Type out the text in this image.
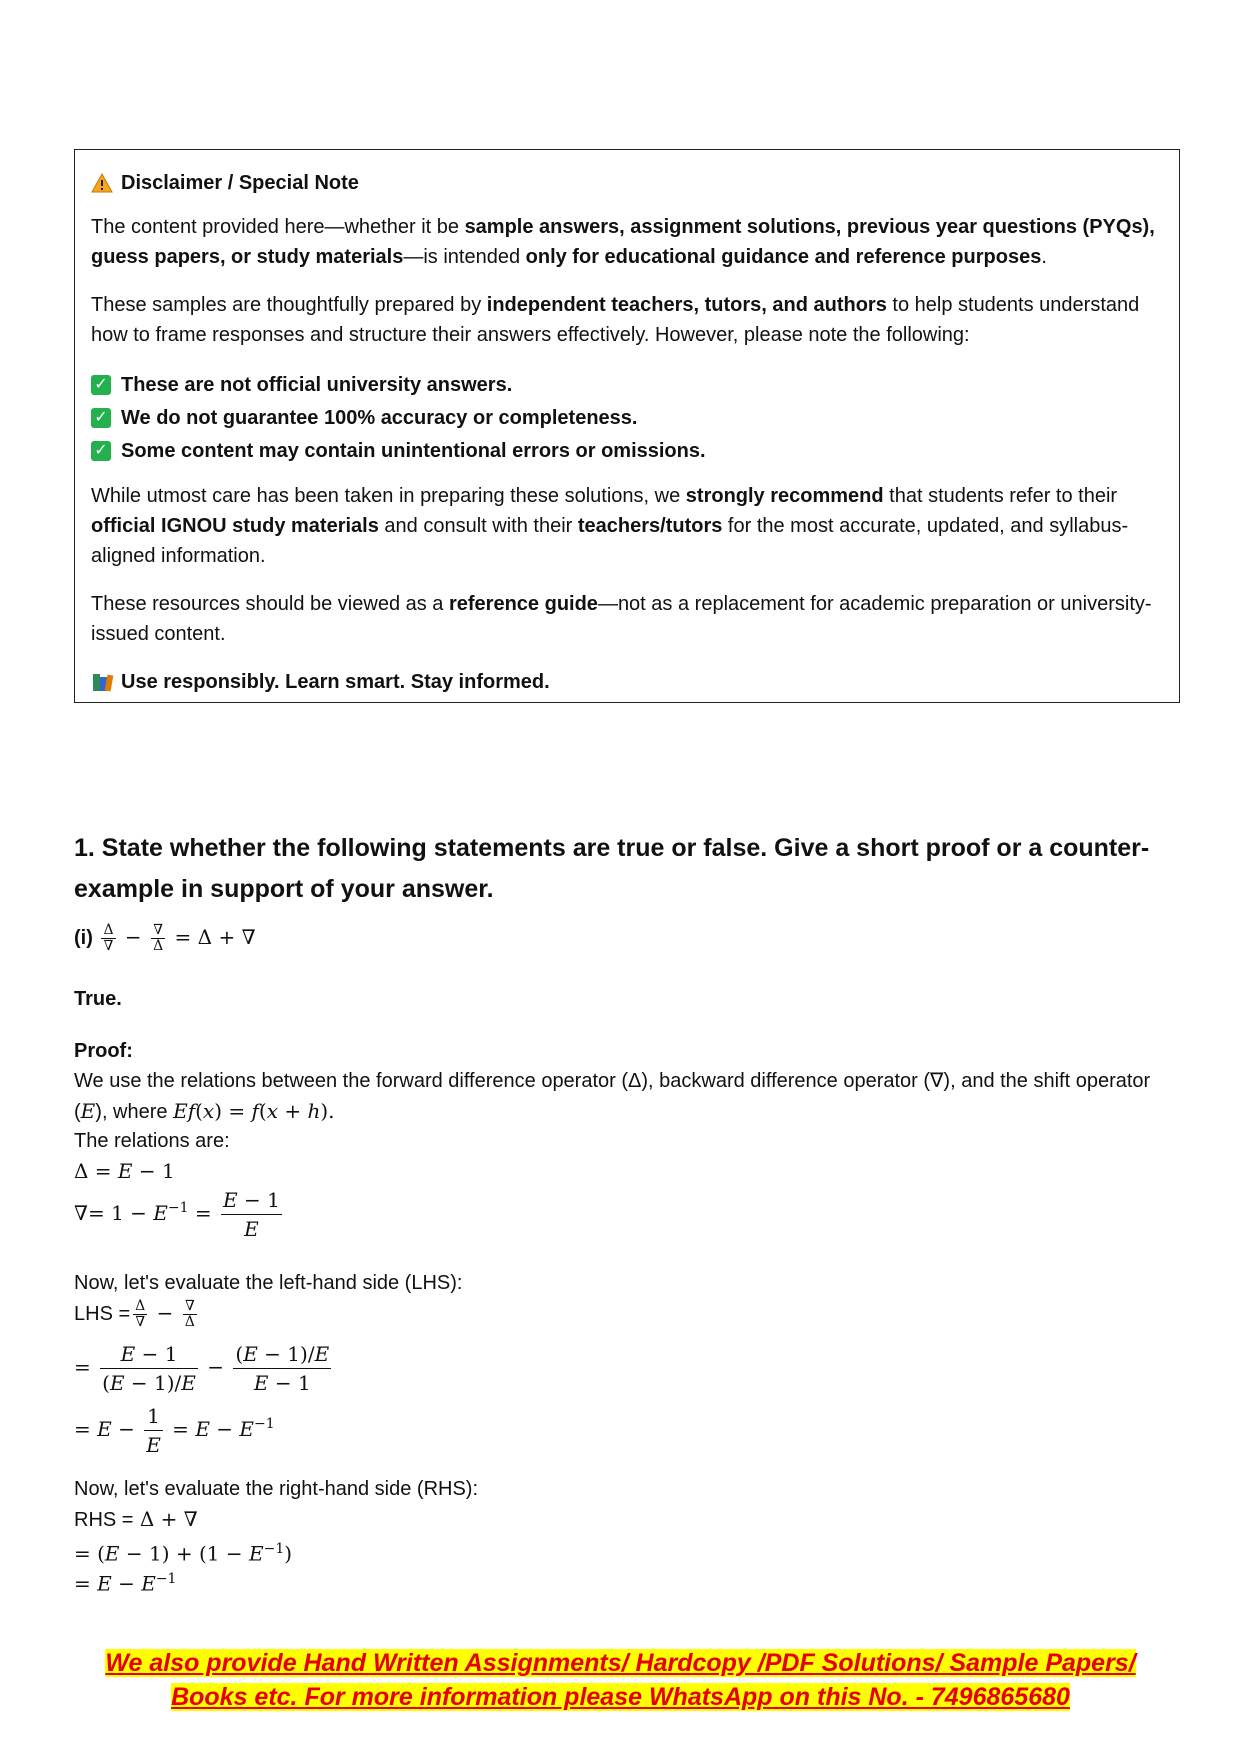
Disclaimer / Special Note

The content provided here—whether it be sample answers, assignment solutions, previous year questions (PYQs), guess papers, or study materials—is intended only for educational guidance and reference purposes.

These samples are thoughtfully prepared by independent teachers, tutors, and authors to help students understand how to frame responses and structure their answers effectively. However, please note the following:

✓ These are not official university answers.
✓ We do not guarantee 100% accuracy or completeness.
✓ Some content may contain unintentional errors or omissions.

While utmost care has been taken in preparing these solutions, we strongly recommend that students refer to their official IGNOU study materials and consult with their teachers/tutors for the most accurate, updated, and syllabus-aligned information.

These resources should be viewed as a reference guide—not as a replacement for academic preparation or university-issued content.

Use responsibly. Learn smart. Stay informed.
1. State whether the following statements are true or false. Give a short proof or a counter-example in support of your answer.
$(i) \frac{\Delta}{\nabla} - \frac{\nabla}{\Delta} = \Delta$ + ∇
True.
Proof:
We use the relations between the forward difference operator (Δ), backward difference operator (∇), and the shift operator (E), where Ef(x) = f(x + h).
The relations are:
Δ = E − 1
∇= $1 - E^{-1} = \frac{E - 1}{E}$
Now, let's evaluate the left-hand side (LHS):
LHS = $\frac{\Delta}{\nabla} - \frac{\nabla}{\Delta}$
= $\frac{E - 1}{(E - 1)/E} - \frac{(E - 1)/E}{E - 1}$
= $E - \frac{1}{E} = E - E^{-1}$
Now, let's evaluate the right-hand side (RHS):
RHS = Δ + ∇
= $(E - 1) + (1 - E^{-1})$
= $E - E^{-1}$
We also provide Hand Written Assignments/ Hardcopy /PDF Solutions/ Sample Papers/
Books etc. For more information please WhatsApp on this No. - 7496865680
